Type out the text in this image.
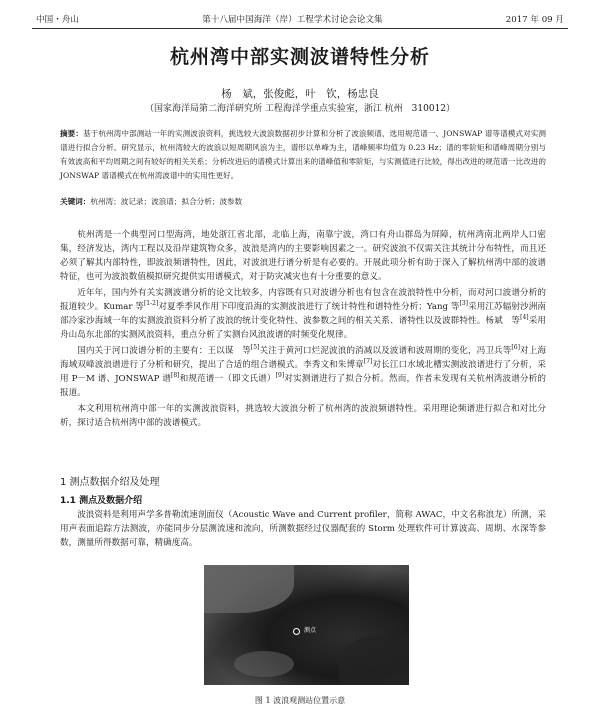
中国・舟山	第十八届中国海洋（岸）工程学术讨论会论文集	2017 年 09 月
杭州湾中部实测波谱特性分析
杨　斌，张俊彪，叶　钦，杨忠良
（国家海洋局第二海洋研究所 工程海洋学重点实验室，浙江 杭州　310012）
摘要：基于杭州湾中部测站一年的实测波浪资料，挑选较大波浪数据初步计算和分析了波浪频谱，选用规范谱一、JONSWAP 谱等谱模式对实测谱进行拟合分析。研究显示，杭州湾较大的波浪以短周期风浪为主，谱形以单峰为主，谱峰频率均值为 0.23 Hz；谱的零阶矩和谱峰周期分别与有效波高和平均周期之间有较好的相关关系；分析改进后的谱模式计算出来的谱峰值和零阶矩，与实测值进行比较，得出改进的规范谱一比改进的 JONSWAP 谱谱模式在杭州湾波谱中的实用性更好。
关键词：杭州湾；波记录；波浪谱；拟合分析；波参数

杭州湾是一个典型河口型海湾，地处浙江省北部，北临上海，南靠宁波，湾口有舟山群岛为屏障，杭州湾南北两岸人口密集，经济发达，湾内工程以及沿岸建筑物众多，波浪是湾内的主要影响因素之一。研究波浪不仅需关注其统计分布特性，而且还必须了解其内部特性，即波浪频谱特性，因此，对波浪进行谱分析是有必要的。开展此项分析有助于深入了解杭州湾中部的波谱特征，也可为波浪数值模拟研究提供实用谱模式，对于防灾减灾也有十分重要的意义。

近年年，国内外有关实测波谱分析的论文比较多，内容既有只对波谱分析也有包含在波浪特性中分析，而对河口波谱分析的报道较少。Kumar 等[1-2]对夏季季风作用下印度沿海的实测波浪进行了统计特性和谱特性分析；Yang 等[3]采用江苏辐射沙洲南部冷家沙海域一年的实测波浪资料分析了波浪的统计变化特性、波参数之间的相关关系、谱特性以及波群特性。杨斌　等[4]采用舟山岛东北部的实测风浪资料，重点分析了实测台风浪波谱的时频变化规律。

国内关于河口波谱分析的主要有：王以谋　等[5]关注于黄河口烂泥波浪的消减以及波谱和波周期的变化，冯卫兵等[6]对上海海域双峰波浪谱进行了分析和研究，提出了合适的组合谱模式。李秀文和朱博章[7]对长江口水域北槽实测波浪谱进行了分析，采用 P－M 谱、JONSWAP 谱[8]和规范谱一（即文氏谱）[9]对实测谱进行了拟合分析。然而，作者未发现有关杭州湾波谱分析的报道。

本文利用杭州湾中部一年的实测波浪资料，挑选较大波浪分析了杭州湾的波浪频谱特性。采用理论频谱进行拟合和对比分析，探讨适合杭州湾中部的波谱模式。

1 测点数据介绍及处理
1.1 测点及数据介绍

波浪资料是利用声学多普勒流速剖面仪（Acoustic Wave and Current profiler，简称 AWAC，中文名称浪龙）所测，采用声表面追踪方法测波，亦能同步分层测流速和流向，所测数据经过仪器配套的 Storm 处理软件可计算波高、周期、水深等参数，测量所得数据可靠，精确度高。

测点
图 1 波浪观测站位置示意
